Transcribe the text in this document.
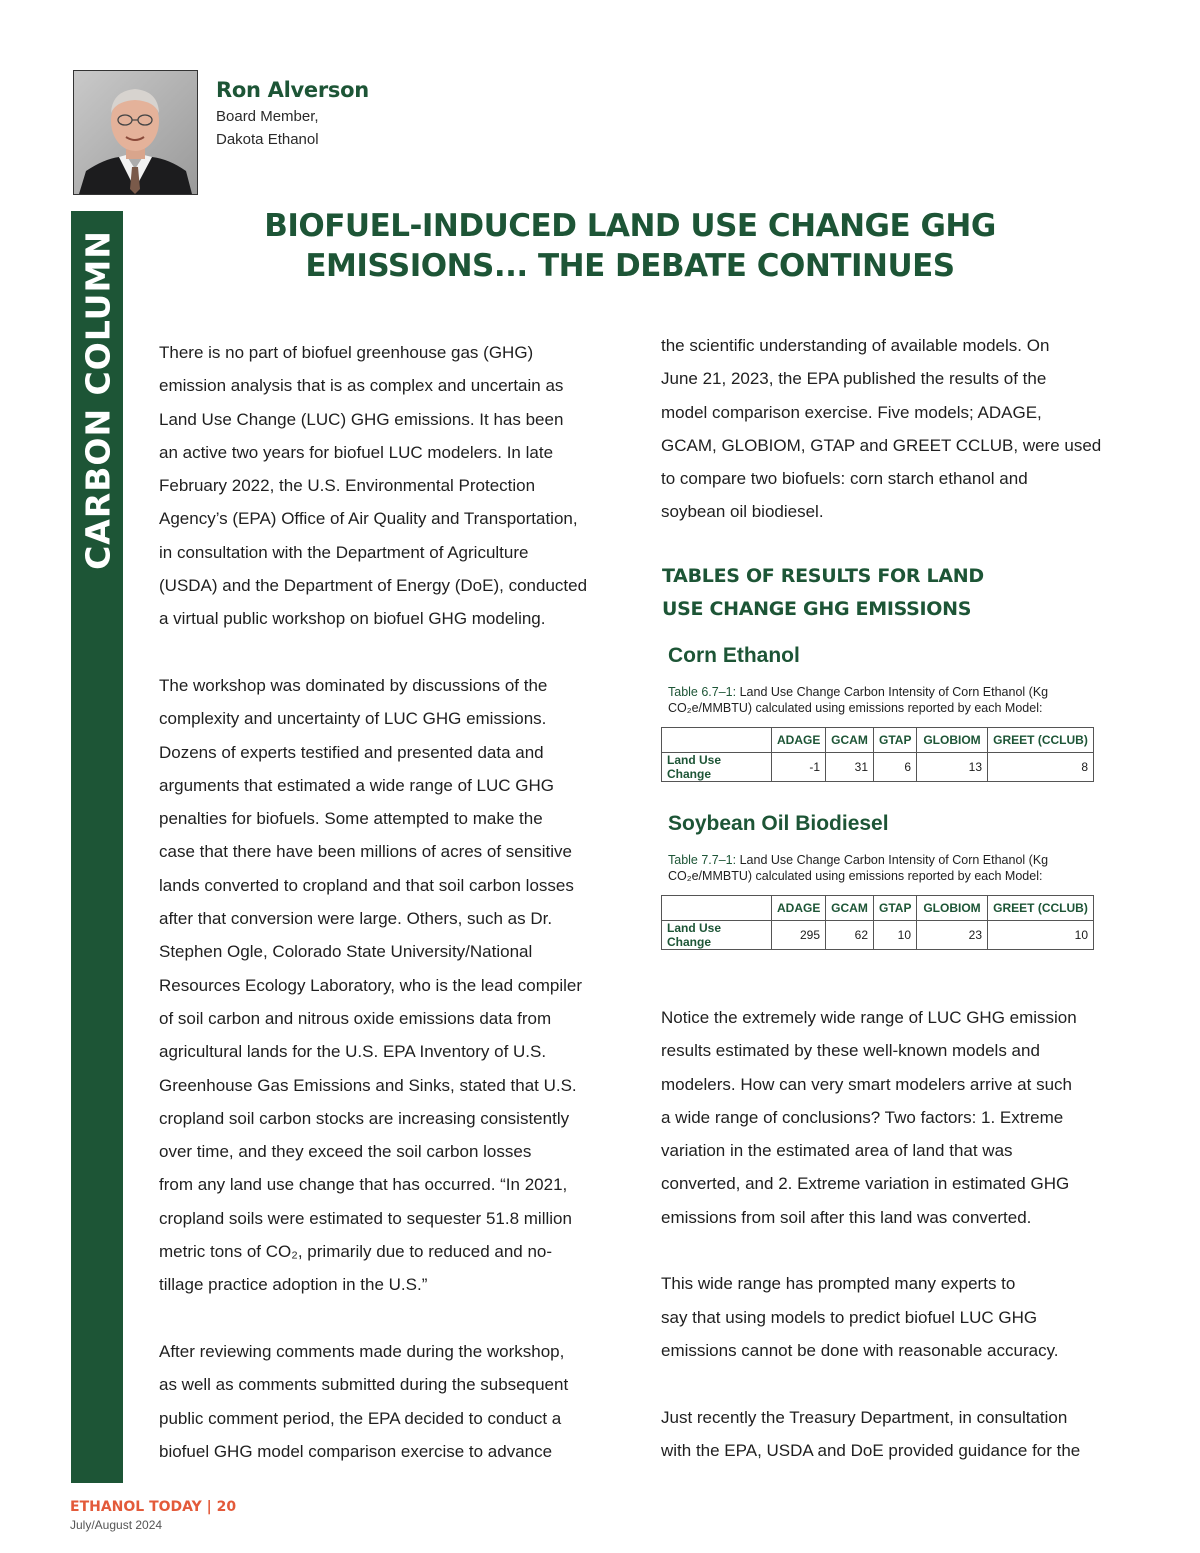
Ron Alverson
Board Member,
Dakota Ethanol
CARBON COLUMN
BIOFUEL-INDUCED LAND USE CHANGE GHG
EMISSIONS... THE DEBATE CONTINUES

There is no part of biofuel greenhouse gas (GHG)

emission analysis that is as complex and uncertain as

Land Use Change (LUC) GHG emissions. It has been

an active two years for biofuel LUC modelers. In late

February 2022, the U.S. Environmental Protection

Agency’s (EPA) Office of Air Quality and Transportation,

in consultation with the Department of Agriculture

(USDA) and the Department of Energy (DoE), conducted

a virtual public workshop on biofuel GHG modeling.

The workshop was dominated by discussions of the

complexity and uncertainty of LUC GHG emissions.

Dozens of experts testified and presented data and

arguments that estimated a wide range of LUC GHG

penalties for biofuels. Some attempted to make the

case that there have been millions of acres of sensitive

lands converted to cropland and that soil carbon losses

after that conversion were large. Others, such as Dr.

Stephen Ogle, Colorado State University/National

Resources Ecology Laboratory, who is the lead compiler

of soil carbon and nitrous oxide emissions data from

agricultural lands for the U.S. EPA Inventory of U.S.

Greenhouse Gas Emissions and Sinks, stated that U.S.

cropland soil carbon stocks are increasing consistently

over time, and they exceed the soil carbon losses

from any land use change that has occurred. “In 2021,

cropland soils were estimated to sequester 51.8 million

metric tons of CO₂, primarily due to reduced and no-

tillage practice adoption in the U.S.”

After reviewing comments made during the workshop,

as well as comments submitted during the subsequent

public comment period, the EPA decided to conduct a

biofuel GHG model comparison exercise to advance

the scientific understanding of available models. On

June 21, 2023, the EPA published the results of the

model comparison exercise. Five models; ADAGE,

GCAM, GLOBIOM, GTAP and GREET CCLUB, were used

to compare two biofuels: corn starch ethanol and

soybean oil biodiesel.

TABLES OF RESULTS FOR LAND
USE CHANGE GHG EMISSIONS
Corn Ethanol
Table 6.7–1: Land Use Change Carbon Intensity of Corn Ethanol (Kg CO₂e/MMBTU) calculated using emissions reported by each Model:
	ADAGE	GCAM	GTAP	GLOBIOM	GREET (CCLUB)
Land Use Change	-1	31	6	13	8
Soybean Oil Biodiesel
Table 7.7–1: Land Use Change Carbon Intensity of Corn Ethanol (Kg CO₂e/MMBTU) calculated using emissions reported by each Model:
	ADAGE	GCAM	GTAP	GLOBIOM	GREET (CCLUB)
Land Use Change	295	62	10	23	10

Notice the extremely wide range of LUC GHG emission

results estimated by these well-known models and

modelers. How can very smart modelers arrive at such

a wide range of conclusions? Two factors: 1. Extreme

variation in the estimated area of land that was

converted, and 2. Extreme variation in estimated GHG

emissions from soil after this land was converted.

This wide range has prompted many experts to

say that using models to predict biofuel LUC GHG

emissions cannot be done with reasonable accuracy.

Just recently the Treasury Department, in consultation

with the EPA, USDA and DoE provided guidance for the

ETHANOL TODAY | 20
July/August 2024
